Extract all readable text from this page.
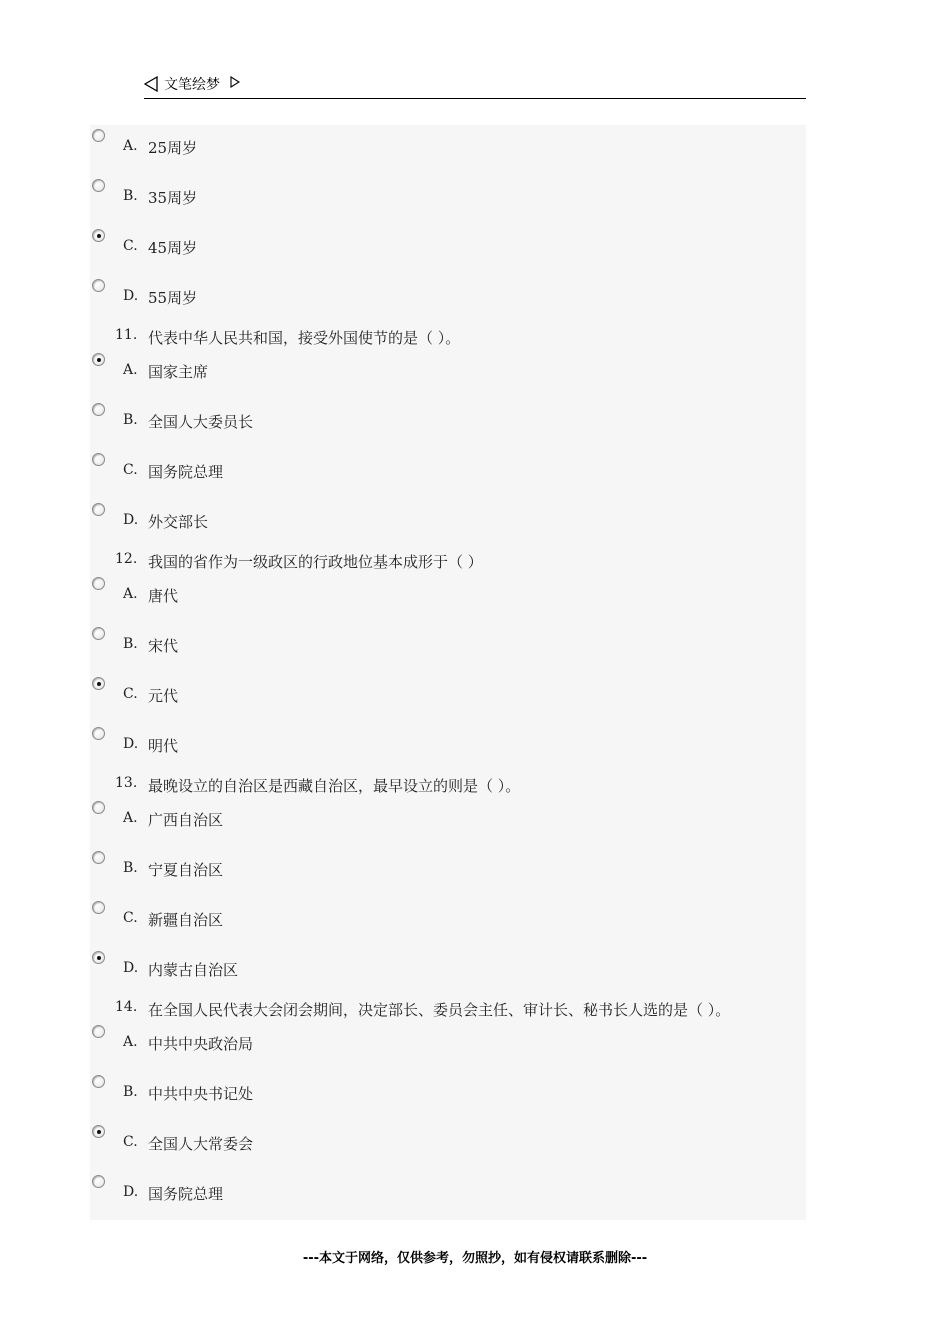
文笔绘梦
A. 25周岁
B. 35周岁
C. 45周岁
D. 55周岁
11. 代表中华人民共和国，接受外国使节的是（ ）。
A. 国家主席
B. 全国人大委员长
C. 国务院总理
D. 外交部长
12. 我国的省作为一级政区的行政地位基本成形于（ ）
A. 唐代
B. 宋代
C. 元代
D. 明代
13. 最晚设立的自治区是西藏自治区，最早设立的则是（ ）。
A. 广西自治区
B. 宁夏自治区
C. 新疆自治区
D. 内蒙古自治区
14. 在全国人民代表大会闭会期间，决定部长、委员会主任、审计长、秘书长人选的是（ ）。
A. 中共中央政治局
B. 中共中央书记处
C. 全国人大常委会
D. 国务院总理
---本文于网络，仅供参考，勿照抄，如有侵权请联系删除---
